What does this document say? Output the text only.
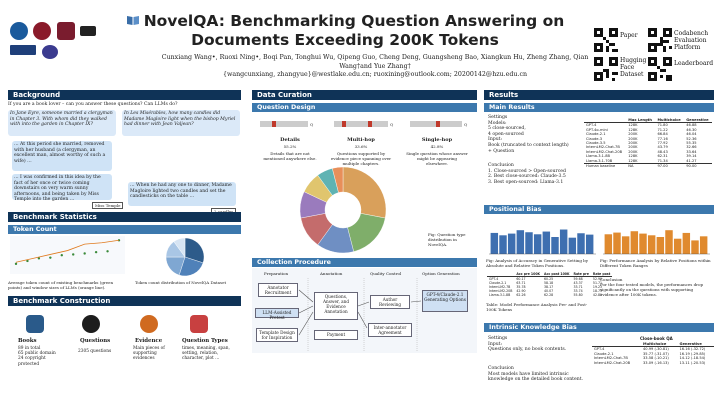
NovelQA: Benchmarking Question Answering on
Documents Exceeding 200K Tokens
Cunxiang Wang•, Ruoxi Ning•, Boqi Pan, Tonghui Wu, Qipeng Guo, Cheng Deng, Guangsheng Bao, Xiangkun Hu, Zheng Zhang, Qian
Wang†and Yue Zhang†
{wangcunxiang, zhangyue}@westlake.edu.cn; ruoxining@outlook.com; 20200142@hzu.edu.cn
Paper	Codabench
Evaluation Platform
Hugging
Face Dataset
Leaderboard
Background
If you are a book lover – can you answer these questions? Can LLMs do?
In Jane Eyre, someone married a clergyman in Chapter 3. With whom did they walked with into the garden in Chapter IX?
In Les Misérables, how many candles did Madame Magloire light when the bishop Myriel had dinner with Jean Valjean?
… At this period she married, removed with her husband (a clergyman, an excellent man, almost worthy of such a wife) …
… I was confirmed in this idea by the fact of her once or twice coming downstairs on very warm sunny afternoons, and being taken by Miss Temple into the garden …
Miss Temple
… When he had any one to dinner, Madame Magloire lighted two candles and set the candlesticks on the table …
Benchmark Statistics
Token Count
Average token count of existing benchmarks (green points) and window sizes of LLMs (orange line).
Token count distribution of NovelQA Dataset
Benchmark Construction
Books
89 in total
65 public domain
24 copyright protected
Questions
2305 questions
Evidence
Main pieces of supporting evidences
Question Types
times, meaning, span, setting, relation, character, plot …
Data Curation
Question Design
Q	Q	Q
Details
55.2%
Details that are not mentioned anywhere else.
Multi-hop
33.6%
Questions supported by evidence piece spanning over multiple chapters.
Single-hop
42.8%
Single question whose answer might be appearing elsewhere.
Fig: Question type distribution in NovelQA.
Collection Procedure
Preparation	Annotation	Quality Control	Option Generation
Annotator Recruitment
LLM-Assisted Pretest
Template Design for Inspiration
Questions, Answer, and Evidence Annotation
Payment
Author Reviewing
Inter-annotator Agreement
GPT-4/Claude-2.1 Generating Options
Results
Main Results
Settings
Models:
5 close-sourced,
4 open-sourced
Input:
Book (truncated to context length)
+ Question
Conclusion
1. Close-sourced > Open-sourced
2. Best close-sourced: Claude-3.5
3. Best open-sourced: Llama-3.1
	Max Length	Multichoice	Generative
GPT-4	128K	71.80	46.88
GPT-4o-mini	128K	71.22	46.30
Claude-2.1	200K	66.84	46.04
Claude-3	200K	77.16	52.36
Claude-3.5	200K	77.92	55.35
InternLM2-Chat-7B	200K	43.79	32.66
InternLM2-Chat-20B	200K	48.43	33.64
Llama-3.1-8B	128K	62.31	39.14
Llama-3.1-70B	128K	71.34	41.27
Human baseline	NA	97.00	90.00
Positional Bias
Fig: Analysis of Accuracy in Generative Setting by Absolute and Relative Token Positions.
Fig: Performance Analysis by Relative Positions within Different Token Ranges
	Acc pre 100K	Acc post 100K	Rate pre	Rate post
GPT-4	60.17	60.25	59.68	52.99
Claude-2.1	63.71	58.18	43.37	51.71
InternLM2-7B	35.78	38.17	33.71	19.23
InternLM2-20B	42.90	40.07	33.74	18.73
Llama-3.1-8B	62.26	62.28	55.80	42.81
Table: Model Performance Analysis Pre- and Post- 100K Tokens
Conclusion
For the four tested models, the performances drop significantly on the questions with supporting evidence after 100K tokens.
Intrinsic Knowledge Bias
Settings
Input:
Questions only, no book contents.
Conclusion
Most models have limited intrinsic knowledge on the detailed book content.
Close-book QA
	Multichoice	Generative
GPT-4	40.99 (-30.81)	16.16 (-32.72)
Claude-2.1	35.77 (-31.07)	16.19 (-29.85)
InternLM2-Chat-7B	33.58 (-10.21)	14.12 (-18.54)
InternLM2-Chat-20B	33.09 (-16.13)	13.11 (-20.53)
